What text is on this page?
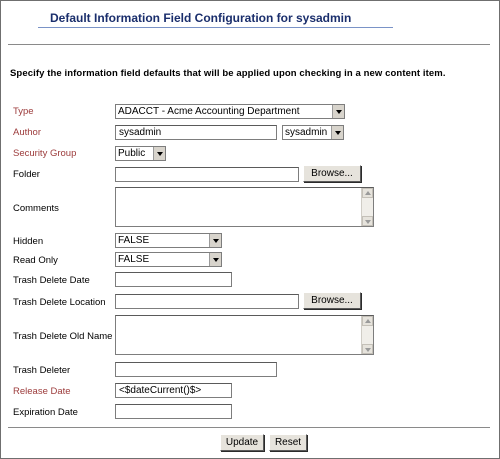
Default Information Field Configuration for sysadmin
Specify the information field defaults that will be applied upon checking in a new content item.
Type	ADACCT - Acme Accounting Department
Author	sysadmin	sysadmin
Security Group	Public
Folder	Browse...
Comments
Hidden	FALSE
Read Only	FALSE
Trash Delete Date
Trash Delete Location	Browse...
Trash Delete Old Name
Trash Deleter
Release Date	<$dateCurrent()$>
Expiration Date
Update	Reset
